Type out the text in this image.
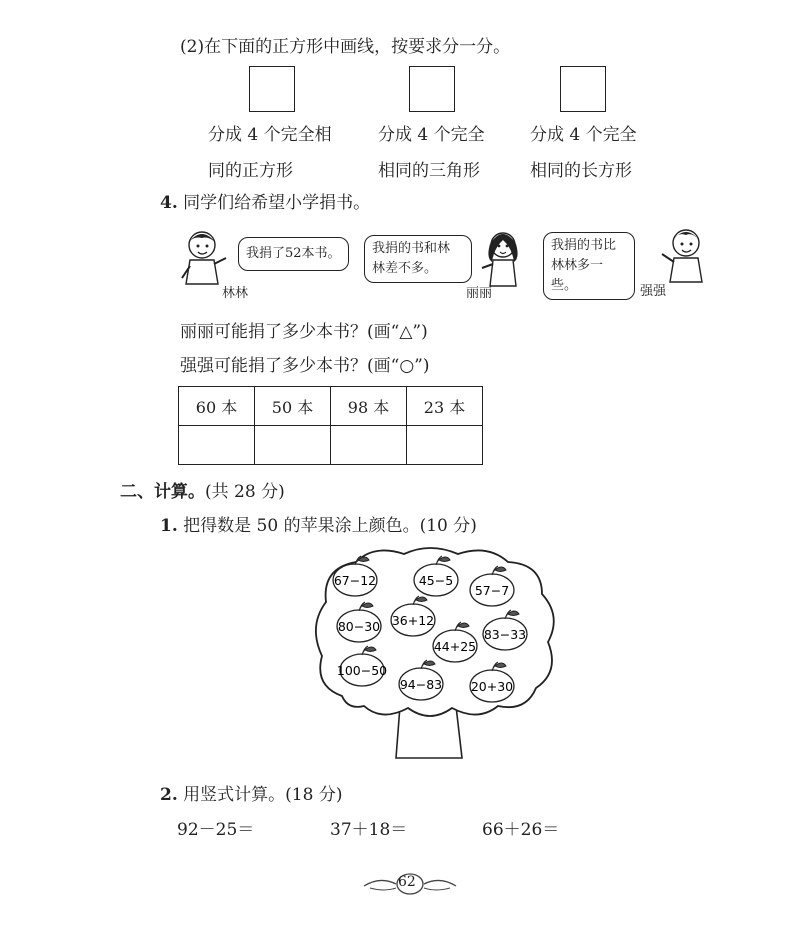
(2)在下面的正方形中画线，按要求分一分。
分成 4 个完全相
同的正方形
分成 4 个完全
相同的三角形
分成 4 个完全
相同的长方形
4. 同学们给希望小学捐书。
林林
我捐了52本书。	我捐的书和林
林差不多。
丽丽
我捐的书比
林林多一些。	强强
丽丽可能捐了多少本书？(画“△”)
强强可能捐了多少本书？(画“○”)
60 本	50 本	98 本	23 本

二、计算。(共 28 分)
1. 把得数是 50 的苹果涂上颜色。(10 分)
67−12	45−5
57−7
80−30 36+12
83−33
44+25
100−50
94−83 20+30
2. 用竖式计算。(18 分)
92－25＝	37＋18＝	66＋26＝
62
